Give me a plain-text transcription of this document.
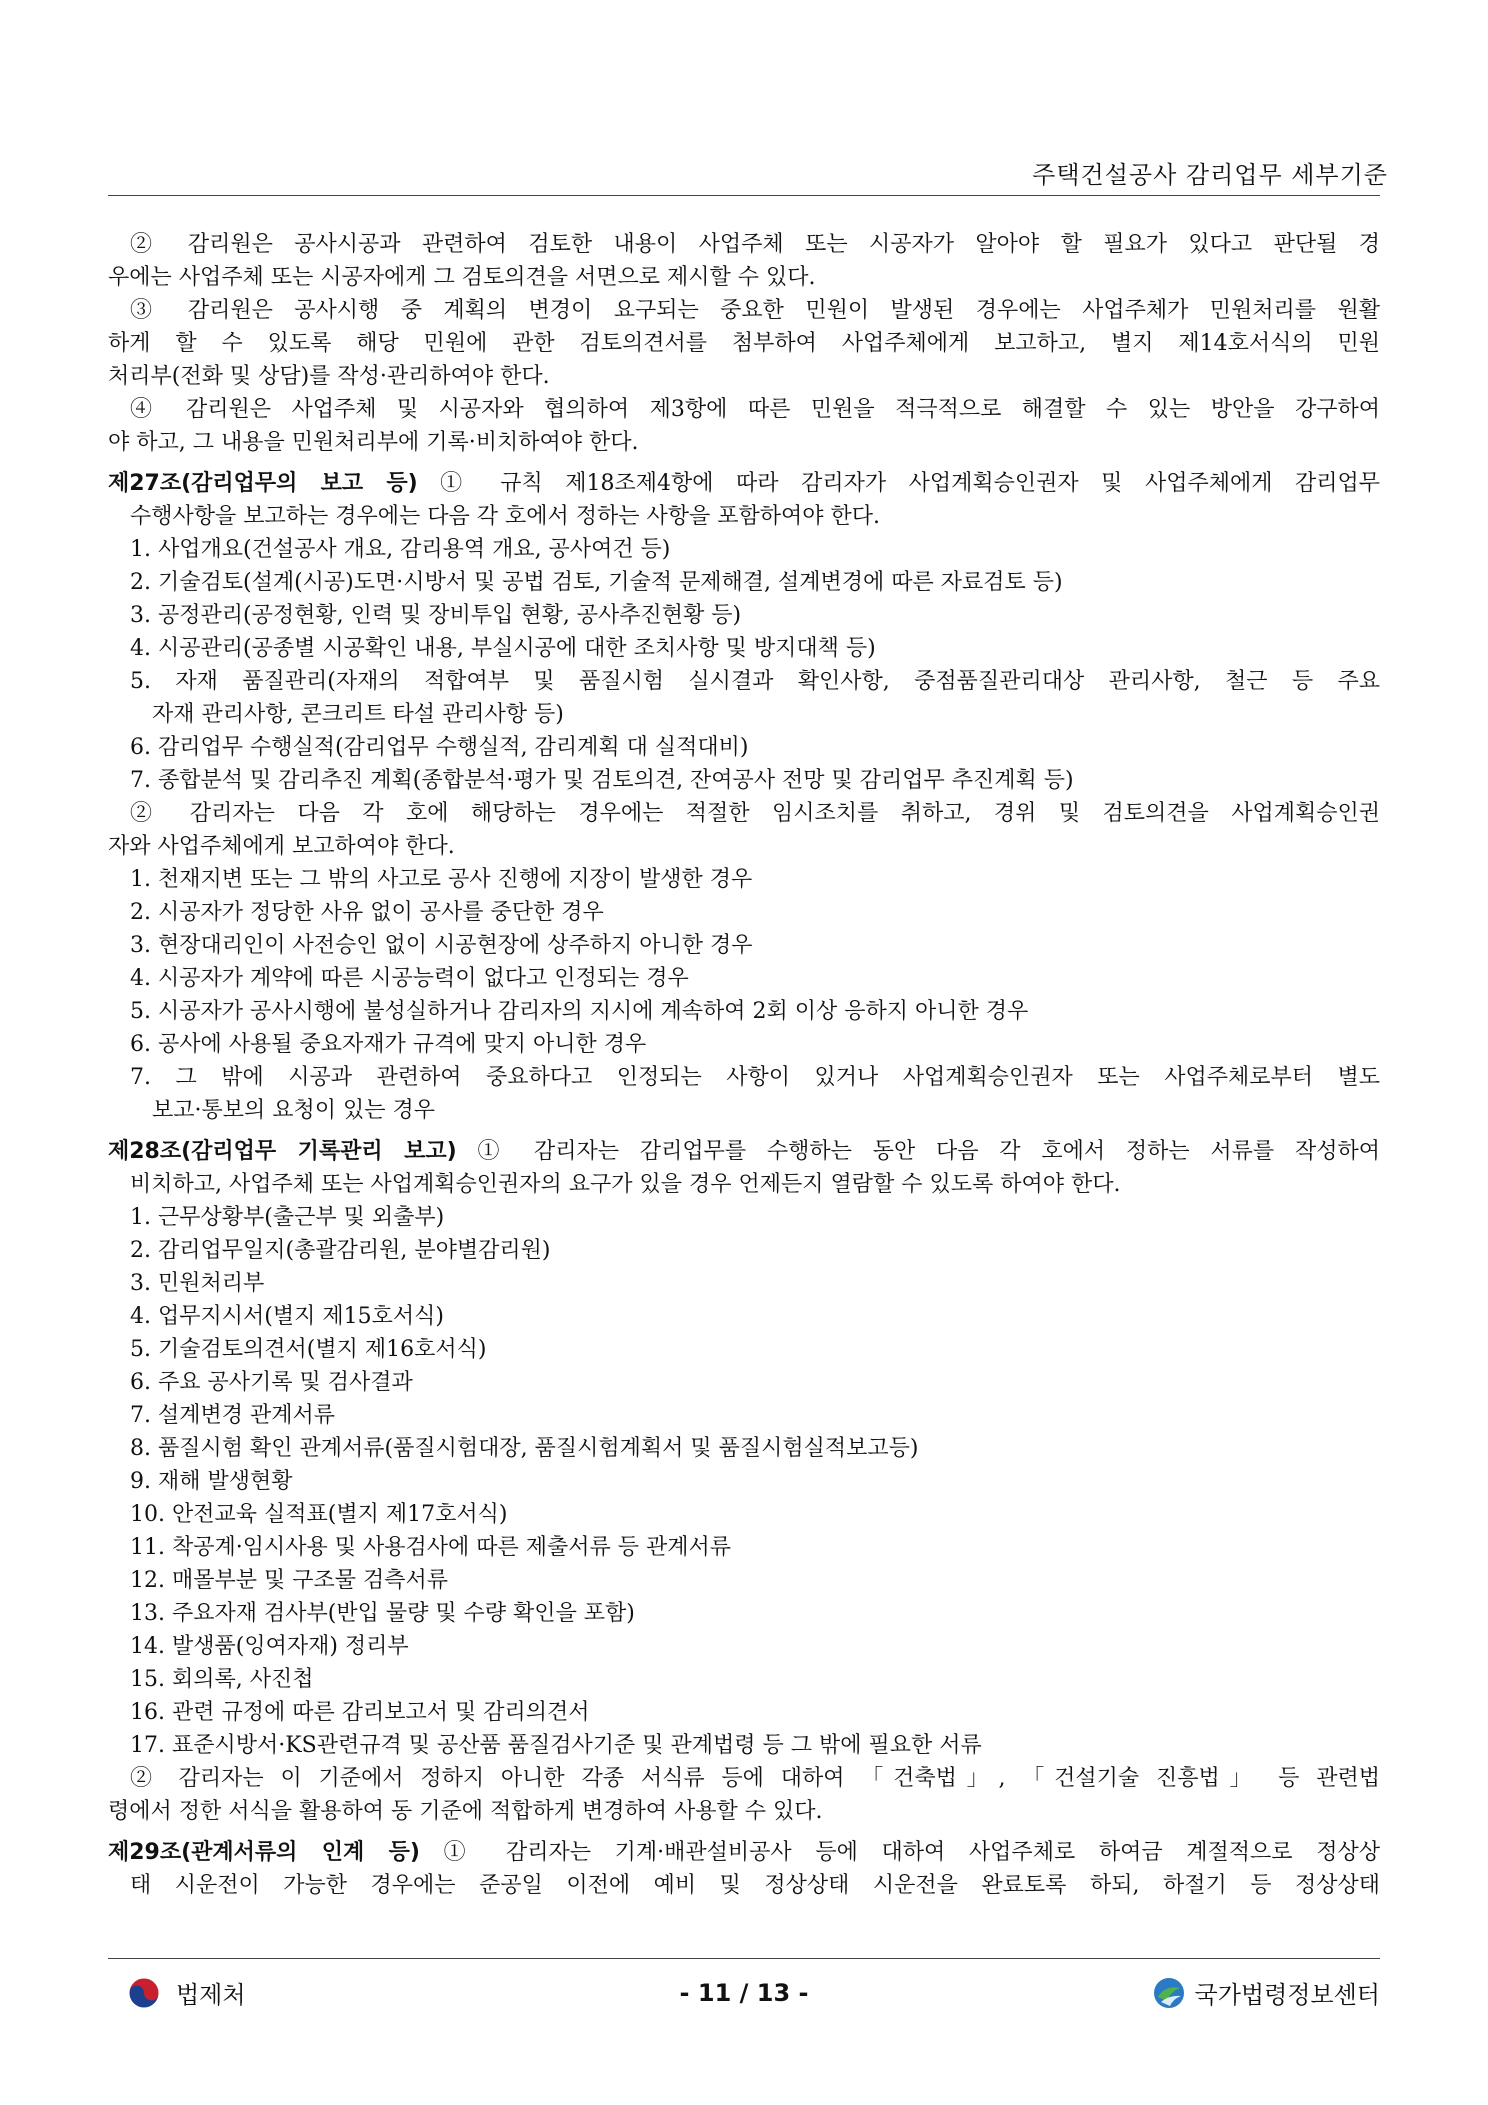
주택건설공사 감리업무 세부기준
② 감리원은 공사시공과 관련하여 검토한 내용이 사업주체 또는 시공자가 알아야 할 필요가 있다고 판단될 경
우에는 사업주체 또는 시공자에게 그 검토의견을 서면으로 제시할 수 있다.
③ 감리원은 공사시행 중 계획의 변경이 요구되는 중요한 민원이 발생된 경우에는 사업주체가 민원처리를 원활
하게 할 수 있도록 해당 민원에 관한 검토의견서를 첨부하여 사업주체에게 보고하고, 별지 제14호서식의 민원
처리부(전화 및 상담)를 작성·관리하여야 한다.
④ 감리원은 사업주체 및 시공자와 협의하여 제3항에 따른 민원을 적극적으로 해결할 수 있는 방안을 강구하여
야 하고, 그 내용을 민원처리부에 기록·비치하여야 한다.
제27조(감리업무의 보고 등) ① 규칙 제18조제4항에 따라 감리자가 사업계획승인권자 및 사업주체에게 감리업무
수행사항을 보고하는 경우에는 다음 각 호에서 정하는 사항을 포함하여야 한다.
1. 사업개요(건설공사 개요, 감리용역 개요, 공사여건 등)
2. 기술검토(설계(시공)도면·시방서 및 공법 검토, 기술적 문제해결, 설계변경에 따른 자료검토 등)
3. 공정관리(공정현황, 인력 및 장비투입 현황, 공사추진현황 등)
4. 시공관리(공종별 시공확인 내용, 부실시공에 대한 조치사항 및 방지대책 등)
5. 자재 품질관리(자재의 적합여부 및 품질시험 실시결과 확인사항, 중점품질관리대상 관리사항, 철근 등 주요
자재 관리사항, 콘크리트 타설 관리사항 등)
6. 감리업무 수행실적(감리업무 수행실적, 감리계획 대 실적대비)
7. 종합분석 및 감리추진 계획(종합분석·평가 및 검토의견, 잔여공사 전망 및 감리업무 추진계획 등)
② 감리자는 다음 각 호에 해당하는 경우에는 적절한 임시조치를 취하고, 경위 및 검토의견을 사업계획승인권
자와 사업주체에게 보고하여야 한다.
1. 천재지변 또는 그 밖의 사고로 공사 진행에 지장이 발생한 경우
2. 시공자가 정당한 사유 없이 공사를 중단한 경우
3. 현장대리인이 사전승인 없이 시공현장에 상주하지 아니한 경우
4. 시공자가 계약에 따른 시공능력이 없다고 인정되는 경우
5. 시공자가 공사시행에 불성실하거나 감리자의 지시에 계속하여 2회 이상 응하지 아니한 경우
6. 공사에 사용될 중요자재가 규격에 맞지 아니한 경우
7. 그 밖에 시공과 관련하여 중요하다고 인정되는 사항이 있거나 사업계획승인권자 또는 사업주체로부터 별도
보고·통보의 요청이 있는 경우
제28조(감리업무 기록관리 보고) ① 감리자는 감리업무를 수행하는 동안 다음 각 호에서 정하는 서류를 작성하여
비치하고, 사업주체 또는 사업계획승인권자의 요구가 있을 경우 언제든지 열람할 수 있도록 하여야 한다.
1. 근무상황부(출근부 및 외출부)
2. 감리업무일지(총괄감리원, 분야별감리원)
3. 민원처리부
4. 업무지시서(별지 제15호서식)
5. 기술검토의견서(별지 제16호서식)
6. 주요 공사기록 및 검사결과
7. 설계변경 관계서류
8. 품질시험 확인 관계서류(품질시험대장, 품질시험계획서 및 품질시험실적보고등)
9. 재해 발생현황
10. 안전교육 실적표(별지 제17호서식)
11. 착공계·임시사용 및 사용검사에 따른 제출서류 등 관계서류
12. 매몰부분 및 구조물 검측서류
13. 주요자재 검사부(반입 물량 및 수량 확인을 포함)
14. 발생품(잉여자재) 정리부
15. 회의록, 사진첩
16. 관련 규정에 따른 감리보고서 및 감리의견서
17. 표준시방서·KS관련규격 및 공산품 품질검사기준 및 관계법령 등 그 밖에 필요한 서류
② 감리자는 이 기준에서 정하지 아니한 각종 서식류 등에 대하여 「건축법」, 「건설기술 진흥법」 등 관련법
령에서 정한 서식을 활용하여 동 기준에 적합하게 변경하여 사용할 수 있다.
제29조(관계서류의 인계 등) ① 감리자는 기계·배관설비공사 등에 대하여 사업주체로 하여금 계절적으로 정상상
태 시운전이 가능한 경우에는 준공일 이전에 예비 및 정상상태 시운전을 완료토록 하되, 하절기 등 정상상태
법제처	- 11 / 13 -	국가법령정보센터
